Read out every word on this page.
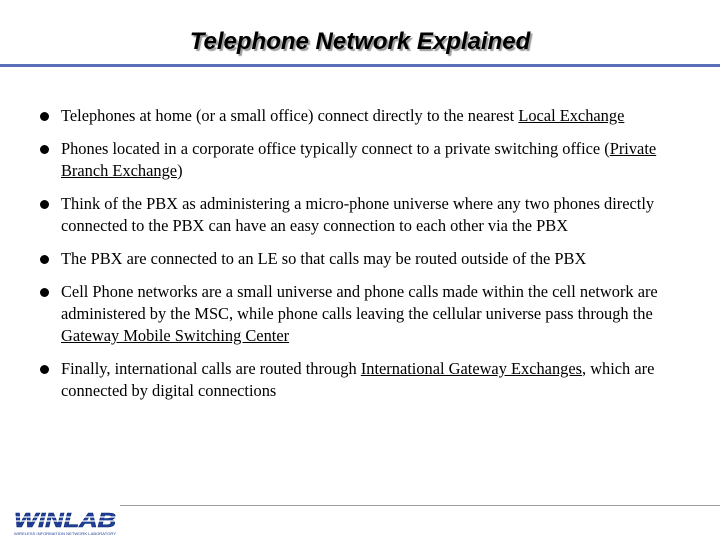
Telephone Network Explained
Telephones at home (or a small office) connect directly to the nearest Local Exchange
Phones located in a corporate office typically connect to a private switching office (Private Branch Exchange)
Think of the PBX as administering a micro-phone universe where any two phones directly connected to the PBX can have an easy connection to each other via the PBX
The PBX are connected to an LE so that calls may be routed outside of the PBX
Cell Phone networks are a small universe and phone calls made within the cell network are administered by the MSC, while phone calls leaving the cellular universe pass through the Gateway Mobile Switching Center
Finally, international calls are routed through International Gateway Exchanges, which are connected by digital connections
WINLAB
WIRELESS INFORMATION NETWORK LABORATORY
